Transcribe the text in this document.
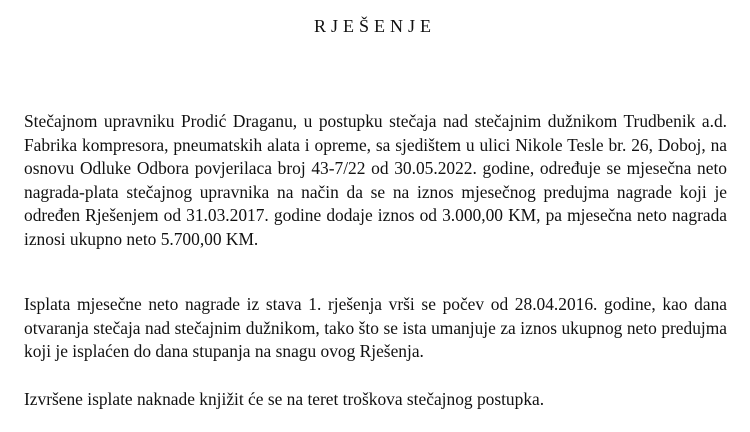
RJEŠENJE

Stečajnom upravniku Prodić Draganu, u postupku stečaja nad stečajnim dužnikom Trudbenik a.d. Fabrika kompresora, pneumatskih alata i opreme, sa sjedištem u ulici Nikole Tesle br. 26, Doboj, na osnovu Odluke Odbora povjerilaca broj 43-7/22 od 30.05.2022. godine, određuje se mjesečna neto nagrada-plata stečajnog upravnika na način da se na iznos mjesečnog predujma nagrade koji je određen Rješenjem od 31.03.2017. godine dodaje iznos od 3.000,00 KM, pa mjesečna neto nagrada iznosi ukupno neto 5.700,00 KM.

Isplata mjesečne neto nagrade iz stava 1. rješenja vrši se počev od 28.04.2016. godine, kao dana otvaranja stečaja nad stečajnim dužnikom, tako što se ista umanjuje za iznos ukupnog neto predujma koji je isplaćen do dana stupanja na snagu ovog Rješenja.

Izvršene isplate naknade knjižit će se na teret troškova stečajnog postupka.
